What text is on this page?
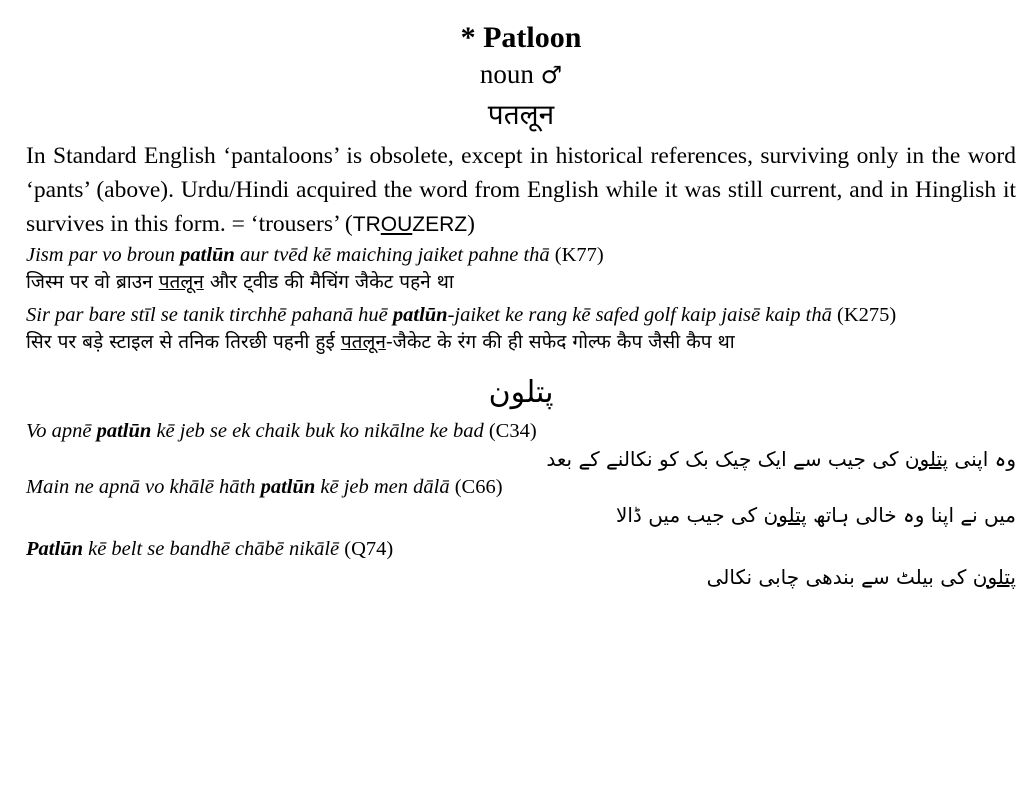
* Patloon
noun ♂
पतलून
In Standard English ‘pantaloons’ is obsolete, except in historical references, surviving only in the word ‘pants’ (above). Urdu/Hindi acquired the word from English while it was still current, and in Hinglish it survives in this form. = ‘trousers’ (TROUZERZ)
Jism par vo broun patlūn aur tvēd kē maiching jaiket pahne thā (K77)
जिस्म पर वो ब्राउन पतलून और ट्वीड की मैचिंग जैकेट पहने था
Sir par bare stīl se tanik tirchhē pahanā huē patlūn-jaiket ke rang kē safed golf kaip jaisē kaip thā (K275)
सिर पर बड़े स्टाइल से तनिक तिरछी पहनी हुई पतलून-जैकेट के रंग की ही सफेद गोल्फ कैप जैसी कैप था
پتلون
Vo apnē patlūn kē jeb se ek chaik buk ko nikālne ke bad (C34)
وہ اپنی پتلون کی جیب سے ایک چیک بک کو نکالنے کے بعد
Main ne apnā vo khālē hāth patlūn kē jeb men dālā (C66)
میں نے اپنا وہ خالی ہاتھ پتلون کی جیب میں ڈالا
Patlūn kē belt se bandhē chābē nikālē (Q74)
پتلون کی بیلٹ سے بندھی چابی نکالی
